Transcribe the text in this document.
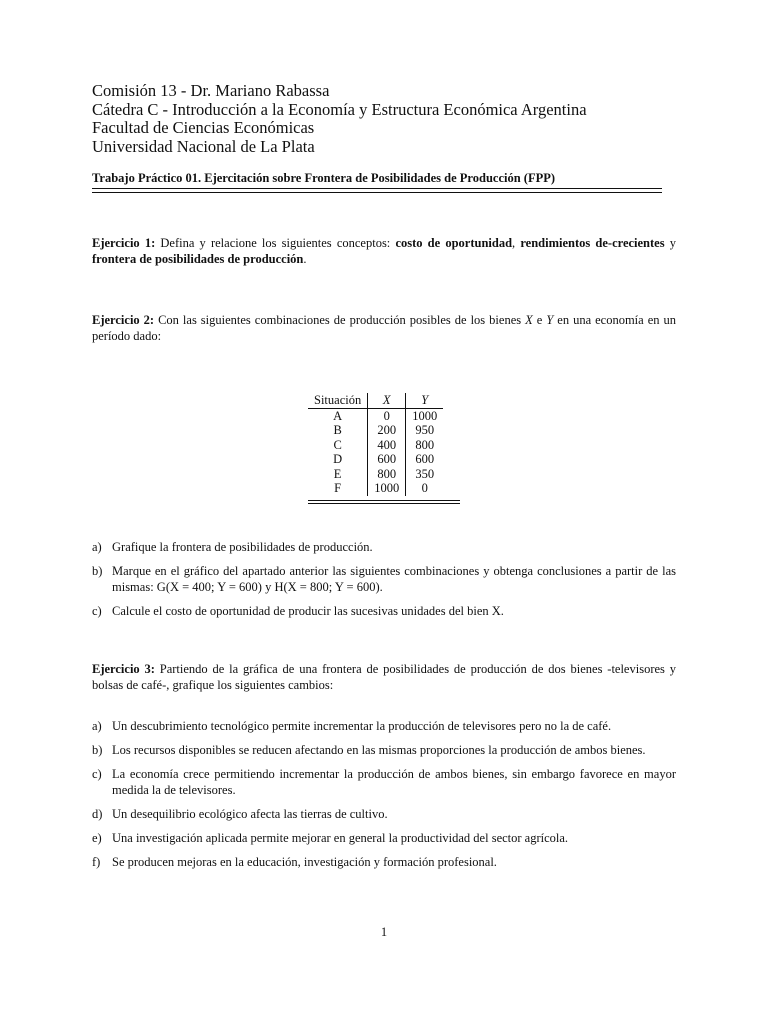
Comisión 13 - Dr. Mariano Rabassa
Cátedra C - Introducción a la Economía y Estructura Económica Argentina
Facultad de Ciencias Económicas
Universidad Nacional de La Plata
Trabajo Práctico 01. Ejercitación sobre Frontera de Posibilidades de Producción (FPP)
Ejercicio 1: Defina y relacione los siguientes conceptos: costo de oportunidad, rendimientos de-crecientes y frontera de posibilidades de producción.
Ejercicio 2: Con las siguientes combinaciones de producción posibles de los bienes X e Y en una economía en un período dado:
Situación	X	Y
A	0	1000
B	200	950
C	400	800
D	600	600
E	800	350
F	1000	0
a) Grafique la frontera de posibilidades de producción.
b) Marque en el gráfico del apartado anterior las siguientes combinaciones y obtenga conclusiones a partir de las mismas: G(X = 400; Y = 600) y H(X = 800; Y = 600).
c) Calcule el costo de oportunidad de producir las sucesivas unidades del bien X.
Ejercicio 3: Partiendo de la gráfica de una frontera de posibilidades de producción de dos bienes -televisores y bolsas de café-, grafique los siguientes cambios:
a) Un descubrimiento tecnológico permite incrementar la producción de televisores pero no la de café.
b) Los recursos disponibles se reducen afectando en las mismas proporciones la producción de ambos bienes.
c) La economía crece permitiendo incrementar la producción de ambos bienes, sin embargo favorece en mayor medida la de televisores.
d) Un desequilibrio ecológico afecta las tierras de cultivo.
e) Una investigación aplicada permite mejorar en general la productividad del sector agrícola.
f) Se producen mejoras en la educación, investigación y formación profesional.
1
